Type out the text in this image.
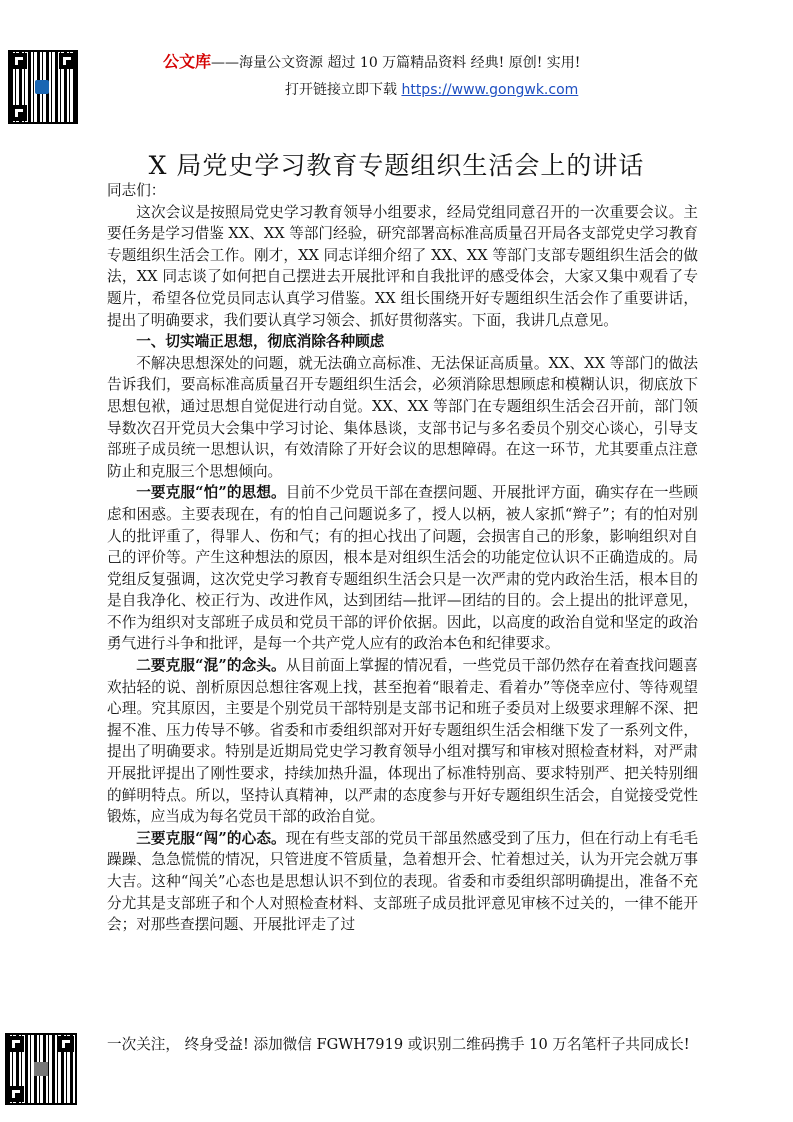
公文库——海量公文资源 超过 10 万篇精品资料 经典! 原创! 实用!
打开链接立即下载 https://www.gongwk.com
X 局党史学习教育专题组织生活会上的讲话

同志们：

这次会议是按照局党史学习教育领导小组要求，经局党组同意召开的一次重要会议。主要任务是学习借鉴 XX、XX 等部门经验，研究部署高标准高质量召开局各支部党史学习教育专题组织生活会工作。刚才，XX 同志详细介绍了 XX、XX 等部门支部专题组织生活会的做法，XX 同志谈了如何把自己摆进去开展批评和自我批评的感受体会，大家又集中观看了专题片，希望各位党员同志认真学习借鉴。XX 组长围绕开好专题组织生活会作了重要讲话，提出了明确要求，我们要认真学习领会、抓好贯彻落实。下面，我讲几点意见。

一、切实端正思想，彻底消除各种顾虑

不解决思想深处的问题，就无法确立高标准、无法保证高质量。XX、XX 等部门的做法告诉我们，要高标准高质量召开专题组织生活会，必须消除思想顾虑和模糊认识，彻底放下思想包袱，通过思想自觉促进行动自觉。XX、XX 等部门在专题组织生活会召开前，部门领导数次召开党员大会集中学习讨论、集体恳谈，支部书记与多名委员个别交心谈心，引导支部班子成员统一思想认识，有效清除了开好会议的思想障碍。在这一环节，尤其要重点注意防止和克服三个思想倾向。

一要克服“怕”的思想。目前不少党员干部在查摆问题、开展批评方面，确实存在一些顾虑和困惑。主要表现在，有的怕自己问题说多了，授人以柄，被人家抓“辫子”；有的怕对别人的批评重了，得罪人、伤和气；有的担心找出了问题，会损害自己的形象，影响组织对自己的评价等。产生这种想法的原因，根本是对组织生活会的功能定位认识不正确造成的。局党组反复强调，这次党史学习教育专题组织生活会只是一次严肃的党内政治生活，根本目的是自我净化、校正行为、改进作风，达到团结—批评—团结的目的。会上提出的批评意见，不作为组织对支部班子成员和党员干部的评价依据。因此，以高度的政治自觉和坚定的政治勇气进行斗争和批评，是每一个共产党人应有的政治本色和纪律要求。

二要克服“混”的念头。从目前面上掌握的情况看，一些党员干部仍然存在着查找问题喜欢拈轻的说、剖析原因总想往客观上找，甚至抱着“眼着走、看着办”等侥幸应付、等待观望心理。究其原因，主要是个别党员干部特别是支部书记和班子委员对上级要求理解不深、把握不准、压力传导不够。省委和市委组织部对开好专题组织生活会相继下发了一系列文件，提出了明确要求。特别是近期局党史学习教育领导小组对撰写和审核对照检查材料，对严肃开展批评提出了刚性要求，持续加热升温，体现出了标准特别高、要求特别严、把关特别细的鲜明特点。所以，坚持认真精神，以严肃的态度参与开好专题组织生活会，自觉接受党性锻炼，应当成为每名党员干部的政治自觉。

三要克服“闯”的心态。现在有些支部的党员干部虽然感受到了压力，但在行动上有毛毛躁躁、急急慌慌的情况，只管进度不管质量，急着想开会、忙着想过关，认为开完会就万事大吉。这种“闯关”心态也是思想认识不到位的表现。省委和市委组织部明确提出，准备不充分尤其是支部班子和个人对照检查材料、支部班子成员批评意见审核不过关的，一律不能开会；对那些查摆问题、开展批评走了过

一次关注， 终身受益! 添加微信 FGWH7919 或识别二维码携手 10 万名笔杆子共同成长!
